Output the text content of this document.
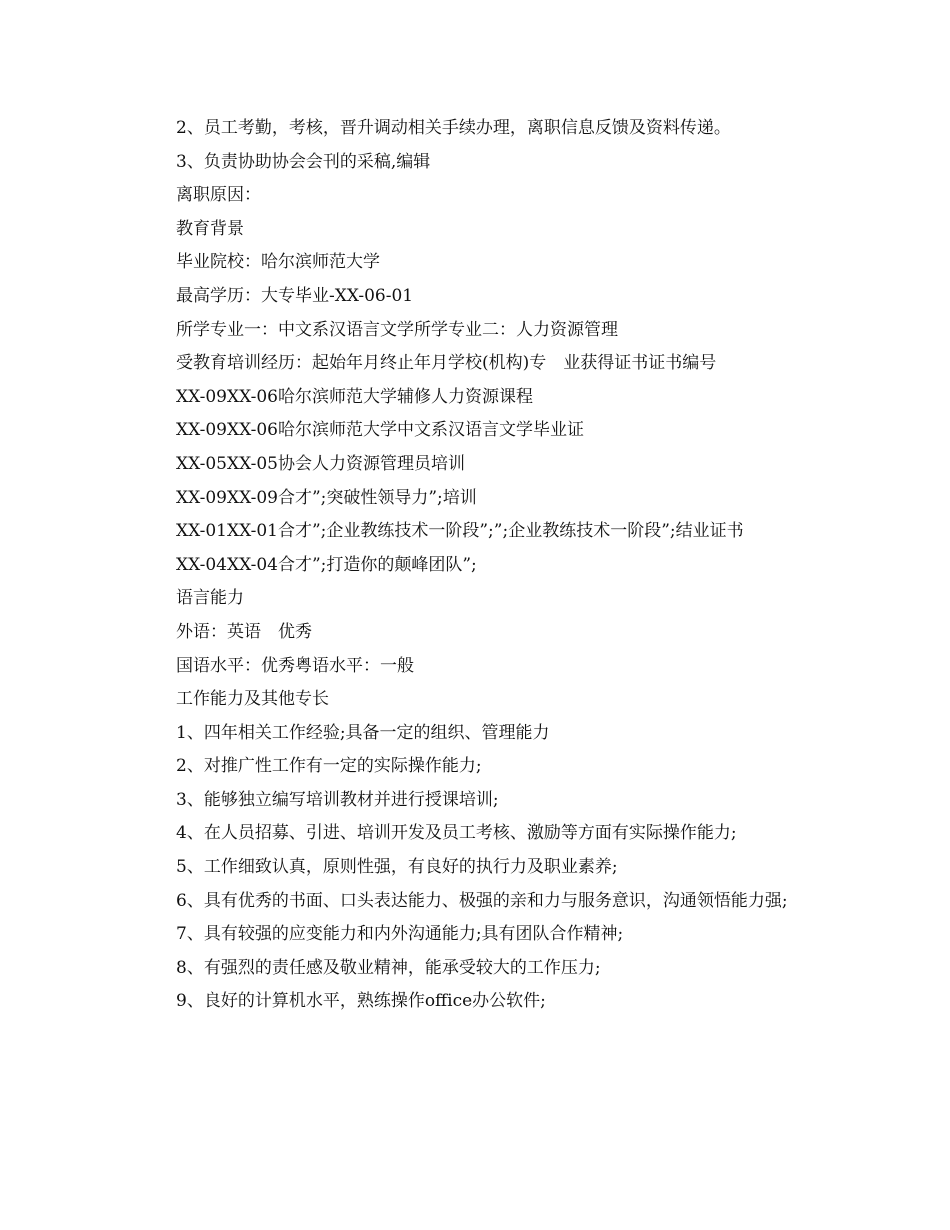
2、员工考勤，考核，晋升调动相关手续办理，离职信息反馈及资料传递。

3、负责协助协会会刊的采稿,编辑

离职原因：

教育背景

毕业院校：哈尔滨师范大学

最高学历：大专毕业-XX-06-01

所学专业一：中文系汉语言文学所学专业二：人力资源管理

受教育培训经历：起始年月终止年月学校(机构)专　业获得证书证书编号

XX-09XX-06哈尔滨师范大学辅修人力资源课程

XX-09XX-06哈尔滨师范大学中文系汉语言文学毕业证

XX-05XX-05协会人力资源管理员培训

XX-09XX-09合才”;突破性领导力”;培训

XX-01XX-01合才”;企业教练技术一阶段”;”;企业教练技术一阶段”;结业证书

XX-04XX-04合才”;打造你的颠峰团队”;

语言能力

外语：英语　优秀

国语水平：优秀粤语水平：一般

工作能力及其他专长

1、四年相关工作经验;具备一定的组织、管理能力

2、对推广性工作有一定的实际操作能力;

3、能够独立编写培训教材并进行授课培训;

4、在人员招募、引进、培训开发及员工考核、激励等方面有实际操作能力;

5、工作细致认真，原则性强，有良好的执行力及职业素养;

6、具有优秀的书面、口头表达能力、极强的亲和力与服务意识，沟通领悟能力强;

7、具有较强的应变能力和内外沟通能力;具有团队合作精神;

8、有强烈的责任感及敬业精神，能承受较大的工作压力;

9、良好的计算机水平，熟练操作office办公软件;
